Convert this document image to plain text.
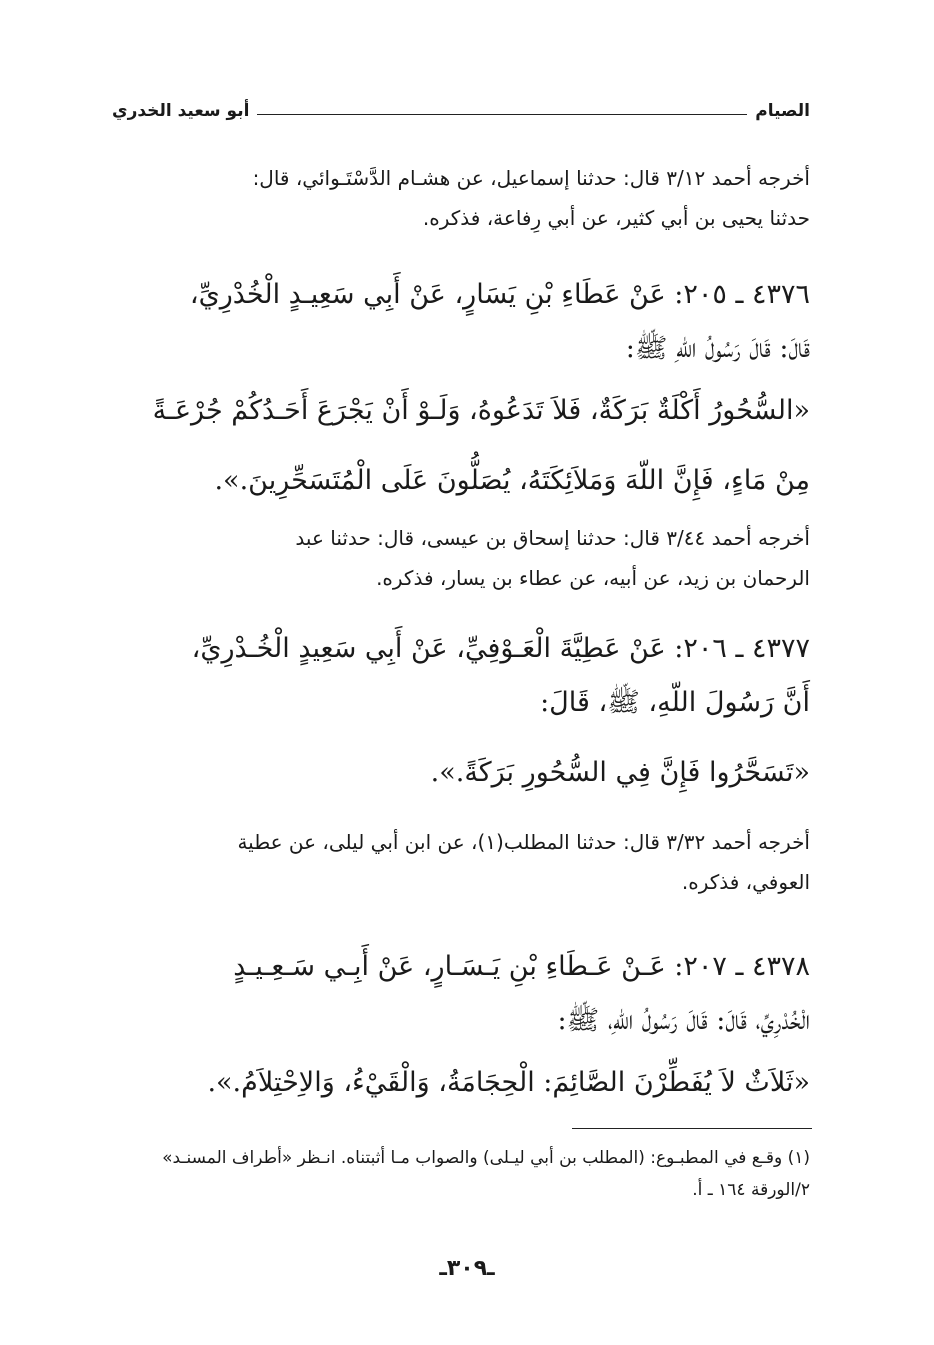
الصيام
أبو سعيد الخدري
أخرجه أحمد ٣/١٢ قال: حدثنا إسماعيل، عن هشـام الدَّسْتَـوائي، قال:
حدثنا يحيى بن أبي كثير، عن أبي رِفاعة، فذكره.
٤٣٧٦ ـ ٢٠٥: عَنْ عَطَاءِ بْنِ يَسَارٍ، عَنْ أَبِي سَعِيـدٍ الْخُدْرِيِّ،
قَالَ: قَالَ رَسُولُ اللّهِ ﷺ:
«السُّحُورُ أَكْلَةٌ بَرَكَةٌ، فَلاَ تَدَعُوهُ، وَلَـوْ أَنْ يَجْرَعَ أَحَـدُكُمْ جُرْعَـةً
مِنْ مَاءٍ، فَإِنَّ اللّهَ وَمَلاَئِكَتَهُ، يُصَلُّونَ عَلَى الْمُتَسَحِّرِينَ.».
أخرجه أحمد ٣/٤٤ قال: حدثنا إسحاق بن عيسى، قال: حدثنا عبد
الرحمان بن زيد، عن أبيه، عن عطاء بن يسار، فذكره.
٤٣٧٧ ـ ٢٠٦: عَنْ عَطِيَّةَ الْعَـوْفِيِّ، عَنْ أَبِي سَعِيدٍ الْخُـدْرِيِّ،
أَنَّ رَسُولَ اللّهِ، ﷺ، قَالَ:
«تَسَحَّرُوا فَإِنَّ فِي السُّحُورِ بَرَكَةً.».
أخرجه أحمد ٣/٣٢ قال: حدثنا المطلب(١)، عن ابن أبي ليلى، عن عطية
العوفي، فذكره.
٤٣٧٨ ـ ٢٠٧: عَـنْ عَـطَاءِ بْنِ يَـسَـارٍ، عَنْ أَبِـي سَـعِـيـدٍ
الْخُدْرِيِّ، قَالَ: قَالَ رَسُولُ اللّهِ، ﷺ:
«ثَلاَثٌ لاَ يُفَطِّرْنَ الصَّائِمَ: الْحِجَامَةُ، وَالْقَيْءُ، وَالاِحْتِلاَمُ.».
(١) وقـع في المطبـوع: (المطلب بن أبي ليـلى) والصواب مـا أثبتناه. انـظر «أطراف المسنـد»
٢/الورقة ١٦٤ ـ أ.
ـ٣٠٩ـ
